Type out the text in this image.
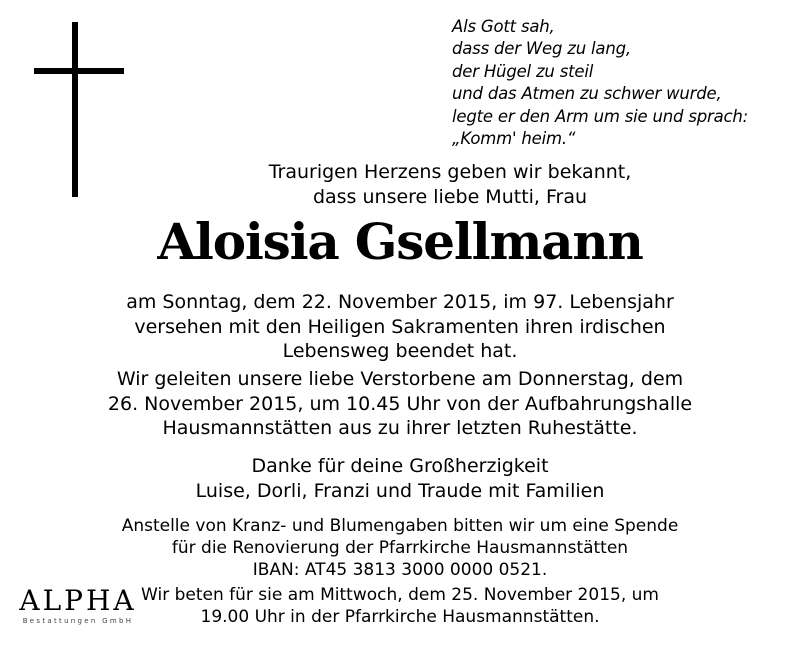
Als Gott sah,
dass der Weg zu lang,
der Hügel zu steil
und das Atmen zu schwer wurde,
legte er den Arm um sie und sprach:
„Komm' heim.“
Traurigen Herzens geben wir bekannt,
dass unsere liebe Mutti, Frau
Aloisia Gsellmann
am Sonntag, dem 22. November 2015, im 97. Lebensjahr
versehen mit den Heiligen Sakramenten ihren irdischen
Lebensweg beendet hat.
Wir geleiten unsere liebe Verstorbene am Donnerstag, dem
26. November 2015, um 10.45 Uhr von der Aufbahrungshalle
Hausmannstätten aus zu ihrer letzten Ruhestätte.
Danke für deine Großherzigkeit
Luise, Dorli, Franzi und Traude mit Familien
Anstelle von Kranz- und Blumengaben bitten wir um eine Spende
für die Renovierung der Pfarrkirche Hausmannstätten
IBAN: AT45 3813 3000 0000 0521.
Wir beten für sie am Mittwoch, dem 25. November 2015, um
19.00 Uhr in der Pfarrkirche Hausmannstätten.
ALPHA
Bestattungen GmbH
